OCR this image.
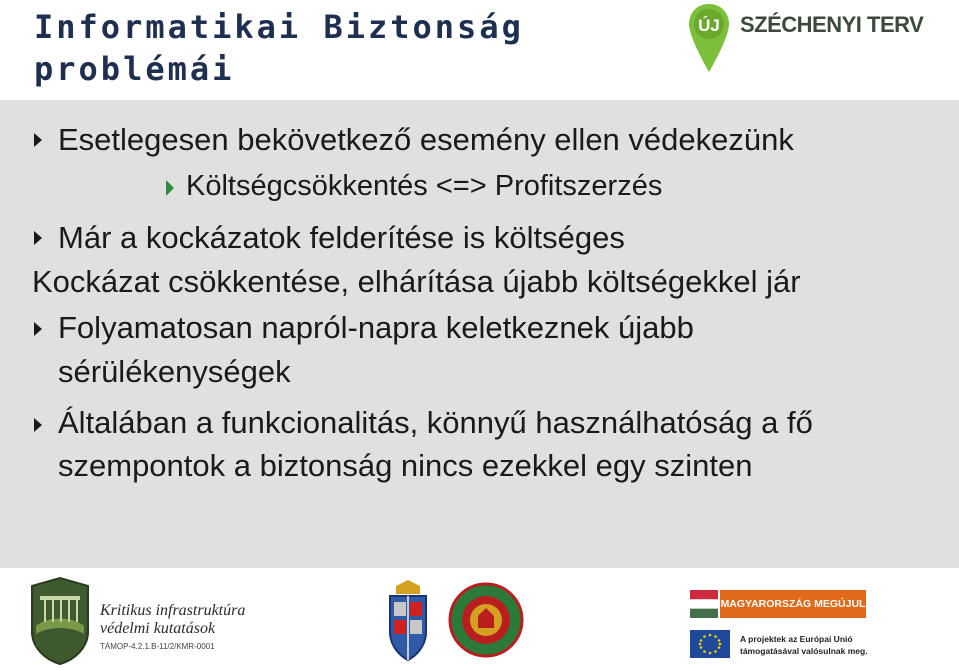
Informatikai Biztonság
problémái
ÚJ SZÉCHENYI TERV
Esetlegesen bekövetkező esemény ellen védekezünk
Költségcsökkentés <=> Profitszerzés
Már a kockázatok felderítése is költséges
Kockázat csökkentése, elhárítása újabb költségekkel jár
Folyamatosan napról-napra keletkeznek újabb
sérülékenységek
Általában a funkcionalitás, könnyű használhatóság a fő
szempontok a biztonság nincs ezekkel egy szinten
Kritikus infrastruktúra
védelmi kutatások
TÁMOP-4.2.1.B-11/2/KMR-0001
MAGYARORSZÁG MEGÚJUL
A projektek az Európai Unió
támogatásával valósulnak meg.
